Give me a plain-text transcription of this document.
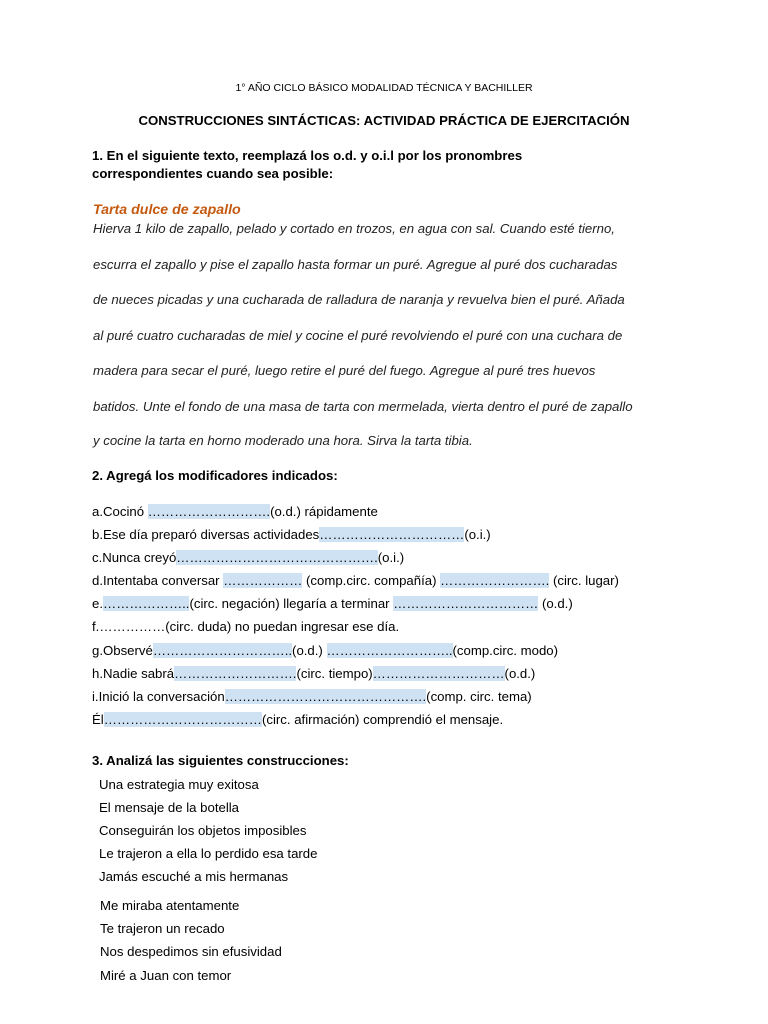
1° AÑO CICLO BÁSICO MODALIDAD TÉCNICA Y BACHILLER
CONSTRUCCIONES SINTÁCTICAS: ACTIVIDAD PRÁCTICA DE EJERCITACIÓN
1. En el siguiente texto, reemplazá los o.d. y o.i.l por los pronombres
correspondientes cuando sea posible:
Tarta dulce de zapallo
Hierva 1 kilo de zapallo, pelado y cortado en trozos, en agua con sal. Cuando esté tierno,
escurra el zapallo y pise el zapallo hasta formar un puré. Agregue al puré dos cucharadas
de nueces picadas y una cucharada de ralladura de naranja y revuelva bien el puré. Añada
al puré cuatro cucharadas de miel y cocine el puré revolviendo el puré con una cuchara de
madera para secar el puré, luego retire el puré del fuego. Agregue al puré tres huevos
batidos. Unte el fondo de una masa de tarta con mermelada, vierta dentro el puré de zapallo
y cocine la tarta en horno moderado una hora. Sirva la tarta tibia.
2. Agregá los modificadores indicados:
a.Cocinó ……………………….(o.d.) rápidamente
b.Ese día preparó diversas actividades……………………………(o.i.)
c.Nunca creyó……………………………………….(o.i.)
d.Intentaba conversar ……………… (comp.circ. compañía) ……………………. (circ. lugar)
e.………………..(circ. negación) llegaría a terminar …………………………… (o.d.)
f.……………(circ. duda) no puedan ingresar ese día.
g.Observé…………………………..(o.d.) ………………………..(comp.circ. modo)
h.Nadie sabrá……………………….(circ. tiempo)…………………………(o.d.)
i.Inició la conversación……………………………………….(comp. circ. tema)
Él………………………………(circ. afirmación) comprendió el mensaje.
3. Analizá las siguientes construcciones:
Una estrategia muy exitosa
El mensaje de la botella
Conseguirán los objetos imposibles
Le trajeron a ella lo perdido esa tarde
Jamás escuché a mis hermanas
Me miraba atentamente
Te trajeron un recado
Nos despedimos sin efusividad
Miré a Juan con temor
